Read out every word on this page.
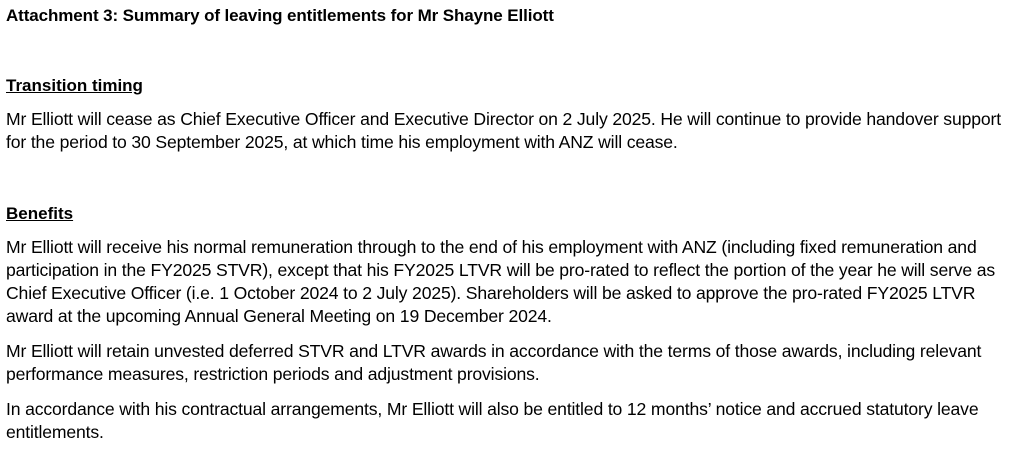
Attachment 3: Summary of leaving entitlements for Mr Shayne Elliott
Transition timing

Mr Elliott will cease as Chief Executive Officer and Executive Director on 2 July 2025. He will continue to provide handover support for the period to 30 September 2025, at which time his employment with ANZ will cease.

Benefits

Mr Elliott will receive his normal remuneration through to the end of his employment with ANZ (including fixed remuneration and participation in the FY2025 STVR), except that his FY2025 LTVR will be pro-rated to reflect the portion of the year he will serve as Chief Executive Officer (i.e. 1 October 2024 to 2 July 2025). Shareholders will be asked to approve the pro-rated FY2025 LTVR award at the upcoming Annual General Meeting on 19 December 2024.

Mr Elliott will retain unvested deferred STVR and LTVR awards in accordance with the terms of those awards, including relevant performance measures, restriction periods and adjustment provisions.

In accordance with his contractual arrangements, Mr Elliott will also be entitled to 12 months’ notice and accrued statutory leave entitlements.
